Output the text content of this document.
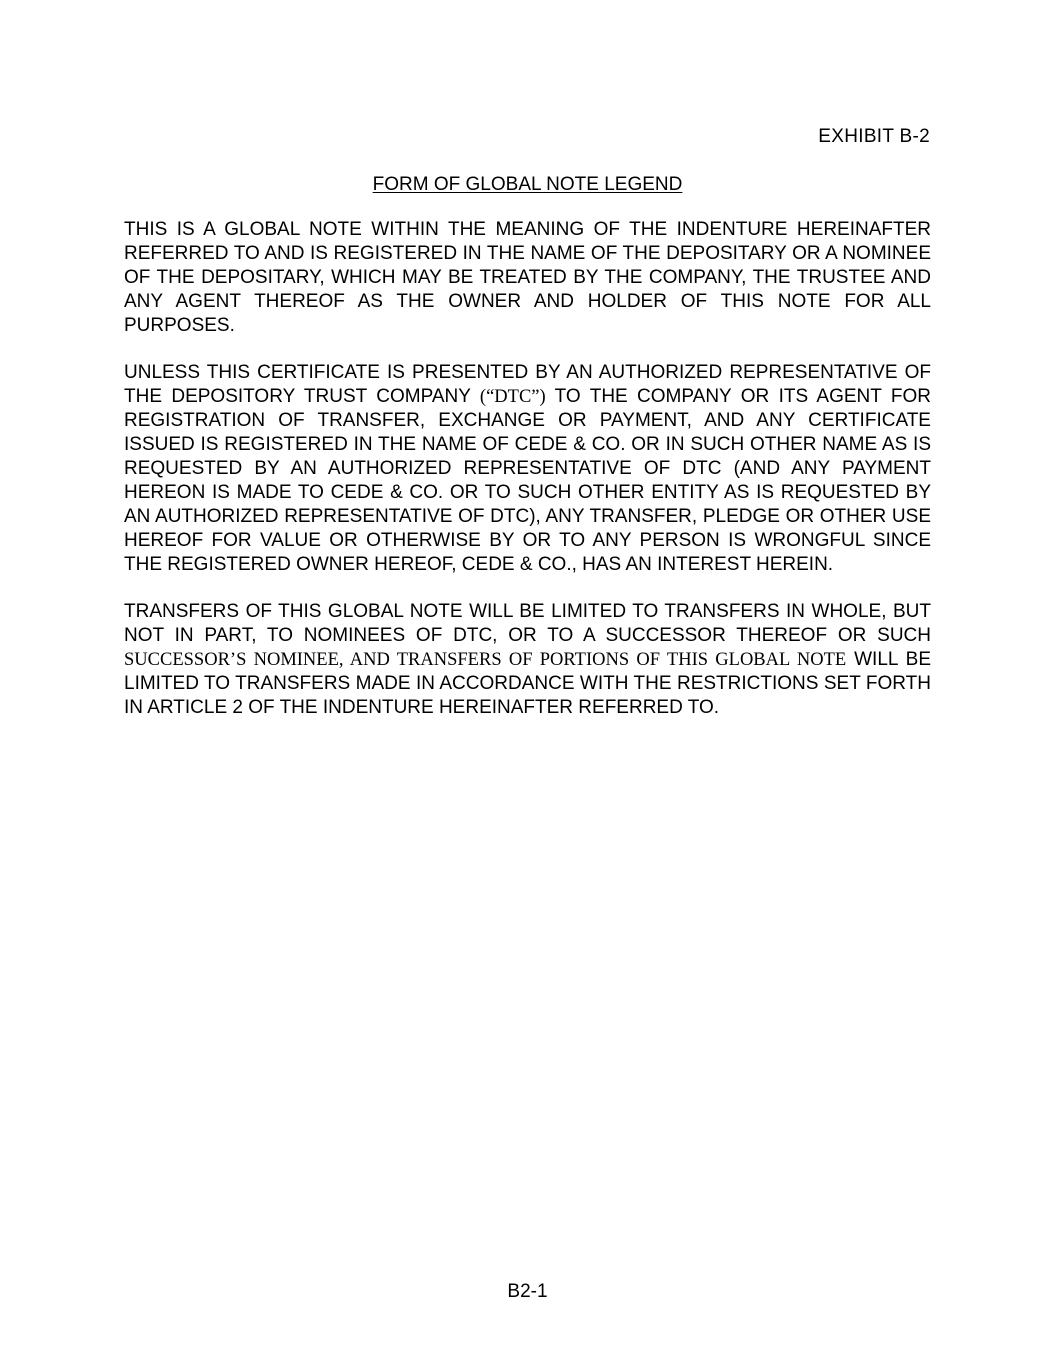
EXHIBIT B-2
FORM OF GLOBAL NOTE LEGEND

THIS IS A GLOBAL NOTE WITHIN THE MEANING OF THE INDENTURE HEREINAFTER REFERRED TO AND IS REGISTERED IN THE NAME OF THE DEPOSITARY OR A NOMINEE OF THE DEPOSITARY, WHICH MAY BE TREATED BY THE COMPANY, THE TRUSTEE AND ANY AGENT THEREOF AS THE OWNER AND HOLDER OF THIS NOTE FOR ALL PURPOSES.

UNLESS THIS CERTIFICATE IS PRESENTED BY AN AUTHORIZED REPRESENTATIVE OF THE DEPOSITORY TRUST COMPANY (“DTC”) TO THE COMPANY OR ITS AGENT FOR REGISTRATION OF TRANSFER, EXCHANGE OR PAYMENT, AND ANY CERTIFICATE ISSUED IS REGISTERED IN THE NAME OF CEDE & CO. OR IN SUCH OTHER NAME AS IS REQUESTED BY AN AUTHORIZED REPRESENTATIVE OF DTC (AND ANY PAYMENT HEREON IS MADE TO CEDE & CO. OR TO SUCH OTHER ENTITY AS IS REQUESTED BY AN AUTHORIZED REPRESENTATIVE OF DTC), ANY TRANSFER, PLEDGE OR OTHER USE HEREOF FOR VALUE OR OTHERWISE BY OR TO ANY PERSON IS WRONGFUL SINCE THE REGISTERED OWNER HEREOF, CEDE & CO., HAS AN INTEREST HEREIN.

TRANSFERS OF THIS GLOBAL NOTE WILL BE LIMITED TO TRANSFERS IN WHOLE, BUT NOT IN PART, TO NOMINEES OF DTC, OR TO A SUCCESSOR THEREOF OR SUCH SUCCESSOR’S NOMINEE, AND TRANSFERS OF PORTIONS OF THIS GLOBAL NOTE WILL BE LIMITED TO TRANSFERS MADE IN ACCORDANCE WITH THE RESTRICTIONS SET FORTH IN ARTICLE 2 OF THE INDENTURE HEREINAFTER REFERRED TO.

B2-1
